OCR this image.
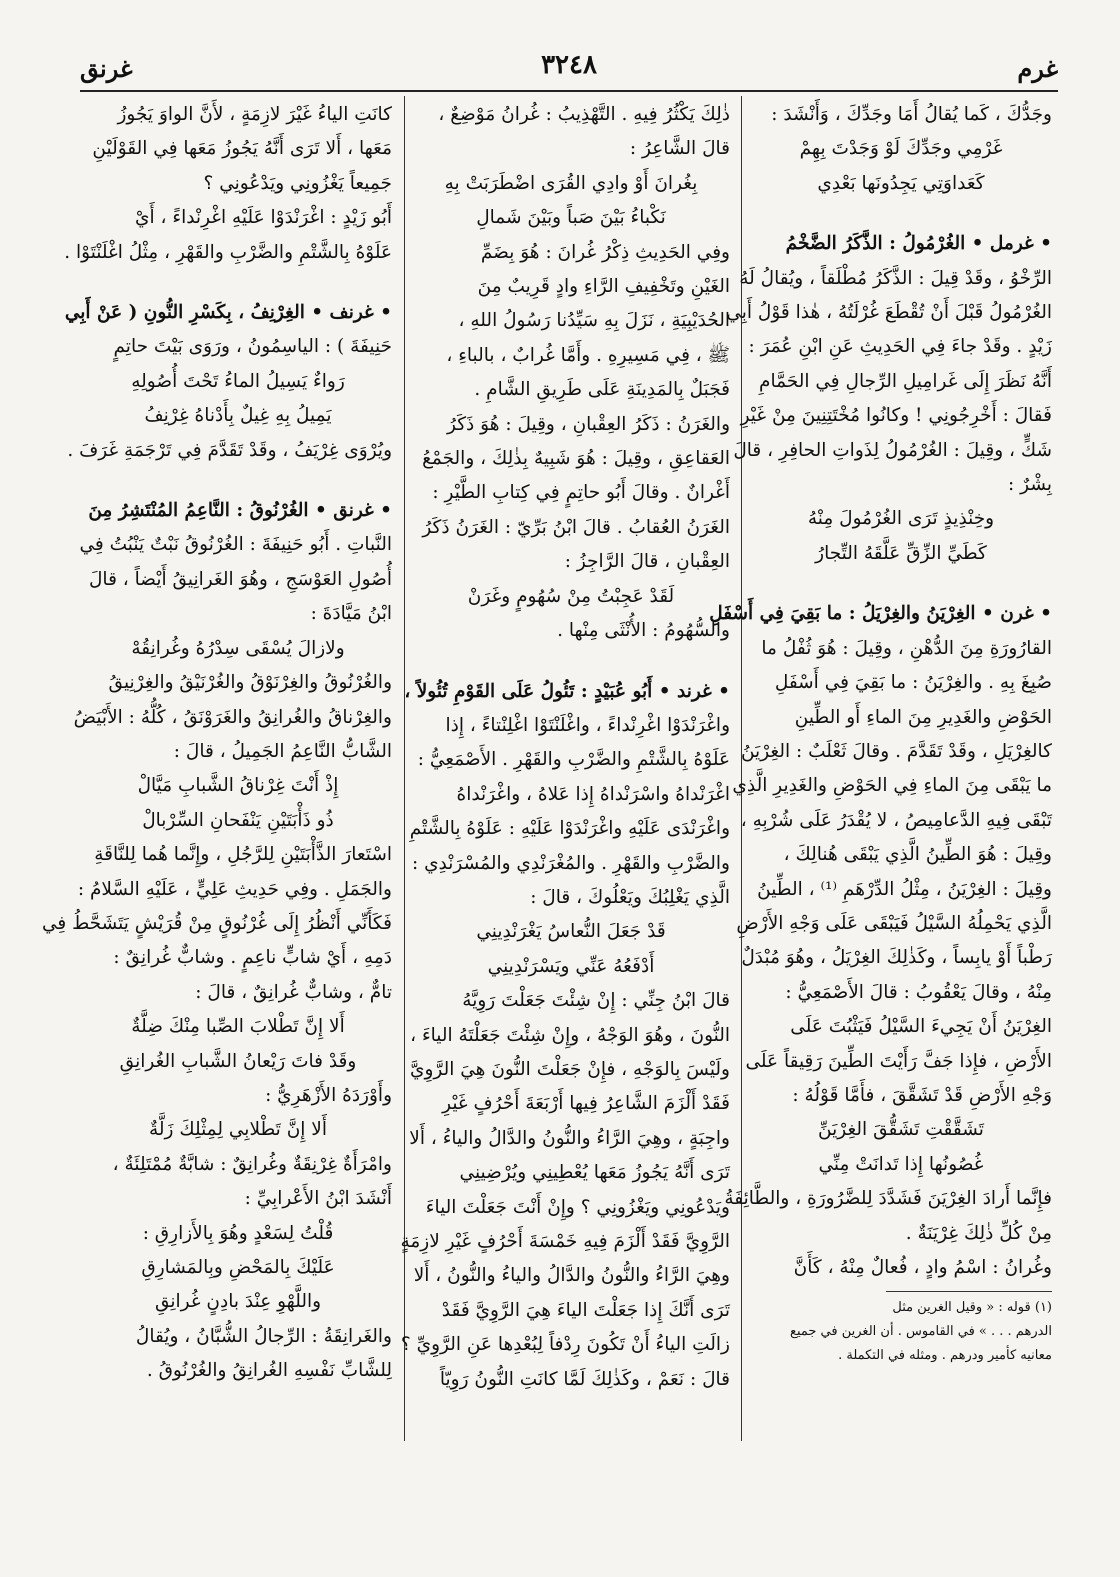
غرم
٣٢٤٨
غرنق
وجَدُّكَ ، كَما يُقالُ أَمَا وجَدِّكَ ، وَأَنْشَدَ :
غَرْمِي وجَدِّكَ لَوْ وَجَدْتَ بِهِمْ
كَعَداوَتِي يَجِدُونَها بَعْدِي
• غرمل • الغُرْمُولُ : الذَّكَرُ الضَّخْمُ
الرِّخْوُ ، وقَدْ قِيلَ : الذَّكَرُ مُطْلَقاً ، ويُقالُ لَهُ
الغُرْمُولُ قَبْلَ أَنْ تُقْطَعَ غُرْلَتُهُ ، هٰذا قَوْلُ أَبِي
زَيْدٍ . وقَدْ جاءَ فِي الحَدِيثِ عَنِ ابْنِ عُمَرَ :
أَنَّهُ نَظَرَ إِلَى غَرامِيلِ الرِّجالِ فِي الحَمَّامِ
فَقالَ : أَخْرِجُونِي ! وكانُوا مُخْتَتِنِينَ مِنْ غَيْرِ
شَكٍّ ، وقِيلَ : الغُرْمُولُ لِذَواتِ الحافِرِ ، قالَ
بِشْرٌ :
وخِنْذِيذٍ تَرَى الغُرْمُولَ مِنْهُ
كَطَيِّ الزِّقِّ عَلَّقَهُ التِّجارُ
• غرن • الغِرْيَنُ والغِرْيَلُ : ما بَقِيَ فِي أَسْفَلِ
القارُورَةِ مِنَ الدُّهْنِ ، وقِيلَ : هُوَ ثُفْلُ ما
صُبِغَ بِهِ . والغِرْيَنُ : ما بَقِيَ فِي أَسْفَلِ
الحَوْضِ والغَدِيرِ مِنَ الماءِ أَو الطِّينِ
كالغِرْيَلِ ، وقَدْ تَقَدَّمَ . وقالَ ثَعْلَبٌ : الغِرْيَنُ
ما يَبْقَى مِنَ الماءِ فِي الحَوْضِ والغَدِيرِ الَّذِي
تَبْقَى فِيهِ الدَّعامِيصُ ، لا يُقْدَرُ عَلَى شُرْبِهِ ،
وقِيلَ : هُوَ الطِّينُ الَّذِي يَبْقَى هُنالِكَ ،
وقِيلَ : الغِرْيَنُ ، مِثْلُ الدِّرْهَمِ ⁽¹⁾ ، الطِّينُ
الَّذِي يَحْمِلُهُ السَّيْلُ فَيَبْقَى عَلَى وَجْهِ الأَرْضِ
رَطْباً أَوْ يابِساً ، وكَذٰلِكَ الغِرْيَلُ ، وهُوَ مُبْدَلٌ
مِنْهُ ، وقالَ يَعْقُوبُ : قالَ الأَصْمَعِيُّ :
الغِرْيَنُ أَنْ يَجِيءَ السَّيْلُ فَيَثْبُتَ عَلَى
الأَرْضِ ، فإِذا جَفَّ رَأَيْتَ الطِّينَ رَقِيقاً عَلَى
وَجْهِ الأَرْضِ قَدْ تَشَقَّقَ ، فأَمَّا قَوْلُهُ :
تَشَقَّقْتِ تَشَقُّقَ الغِرْيَنِّ
غُصُونُها إِذا تَدانَتْ مِنِّي
فإِنَّما أَرادَ الغِرْيَنَ فَشَدَّدَ لِلضَّرُورَةِ ، والطَّائِفَةُ
مِنْ كُلِّ ذٰلِكَ غِرْيَنَةٌ .
وغُرانُ : اسْمُ وادٍ ، فُعالٌ مِنْهُ ، كَأَنَّ
(١) قوله : « وقيل الغرين مثل
الدرهم . . . » في القاموس . أن الغرين في جميع
معانيه كأمير ودرهم . ومثله في التكملة .
ذٰلِكَ يَكْثُرُ فِيهِ . التَّهْذِيبُ : غُرانُ مَوْضِعٌ ،
قالَ الشَّاعِرُ :
بِغُرانَ أَوْ وادِي القُرَى اضْطَرَبَتْ بِهِ
نَكْباءُ بَيْنَ صَباً وبَيْنَ شَمالِ
وفِي الحَدِيثِ ذِكْرُ غُرانَ : هُوَ بِضَمِّ
الغَيْنِ وتَخْفِيفِ الرَّاءِ وادٍ قَرِيبٌ مِنَ
الحُدَيْبِيَةِ ، نَزَلَ بِهِ سَيِّدُنا رَسُولُ اللهِ ،
ﷺ ، فِي مَسِيرِهِ . وأَمَّا غُرابٌ ، بالباءِ ،
فَجَبَلٌ بِالمَدِينَةِ عَلَى طَرِيقِ الشَّامِ .
والغَرَنُ : ذَكَرُ العِقْبانِ ، وقِيلَ : هُوَ ذَكَرُ
العَقاعِقِ ، وقِيلَ : هُوَ شَبِيهٌ بِذٰلِكَ ، والجَمْعُ
أَغْرانٌ . وقالَ أَبُو حاتِمٍ فِي كِتابِ الطَّيْرِ :
الغَرَنُ العُقابُ . قالَ ابْنُ بَرِّيّ : الغَرَنُ ذَكَرُ
العِقْبانِ ، قالَ الرَّاجِزُ :
لَقَدْ عَجِبْتُ مِنْ سُهُومٍ وغَرَنْ
والسُّهُومُ : الأُنْثَى مِنْها .
• غرند • أَبُو عُبَيْدٍ : تَئُولُ عَلَى القَوْمِ تُئُولاً ،
واغْرَنْدَوْا اغْرِنْداءً ، واغْلَنْتَوْا اغْلِنْتاءً ، إِذا
عَلَوْهُ بِالشَّتْمِ والضَّرْبِ والقَهْرِ . الأَصْمَعِيُّ :
اغْرَنْداهُ واسْرَنْداهُ إِذا عَلاهُ ، واغْرَنْداهُ
واغْرَنْدَى عَلَيْهِ واغْرَنْدَوْا عَلَيْهِ : عَلَوْهُ بِالشَّتْمِ
والضَّرْبِ والقَهْرِ . والمُغْرَنْدِي والمُسْرَنْدِي :
الَّذِي يَغْلِبُكَ ويَعْلُوكَ ، قالَ :
قَدْ جَعَلَ النُّعاسُ يَغْرَنْدِينِي
أَدْفَعُهُ عَنِّي ويَسْرَنْدِينِي
قالَ ابْنُ جِنِّي : إِنْ شِئْتَ جَعَلْتَ رَوِيَّهُ
النُّونَ ، وهُوَ الوَجْهُ ، وإِنْ شِئْتَ جَعَلْتَهُ الياءَ ،
ولَيْسَ بِالوَجْهِ ، فإِنْ جَعَلْتَ النُّونَ هِيَ الرَّوِيَّ
فَقَدْ أَلْزَمَ الشَّاعِرُ فِيها أَرْبَعَةَ أَحْرُفٍ غَيْرِ
واجِبَةٍ ، وهِيَ الرَّاءُ والنُّونُ والدَّالُ والياءُ ، أَلا
تَرَى أَنَّهُ يَجُوزُ مَعَها يُعْطِينِي ويُرْضِينِي
ويَدْعُونِي ويَغْزُونِي ؟ وإِنْ أَنْتَ جَعَلْتَ الياءَ
الرَّوِيَّ فَقَدْ أَلْزَمَ فِيهِ خَمْسَةَ أَحْرُفٍ غَيْرِ لازِمَةٍ
وهِيَ الرَّاءُ والنُّونُ والدَّالُ والياءُ والنُّونُ ، أَلا
تَرَى أَنَّكَ إِذا جَعَلْتَ الياءَ هِيَ الرَّوِيَّ فَقَدْ
زالَتِ الياءُ أَنْ تَكُونَ رِدْفاً لِبُعْدِها عَنِ الرَّوِيِّ ؟
قالَ : نَعَمْ ، وكَذٰلِكَ لَمَّا كانَتِ النُّونُ رَوِيّاً
كانَتِ الياءُ غَيْرَ لازِمَةٍ ، لأَنَّ الواوَ يَجُوزُ
مَعَها ، أَلا تَرَى أَنَّهُ يَجُوزُ مَعَها فِي القَوْلَيْنِ
جَمِيعاً يَغْزُونِي ويَدْعُونِي ؟
أَبُو زَيْدٍ : اغْرَنْدَوْا عَلَيْهِ اغْرِنْداءً ، أَيْ
عَلَوْهُ بِالشَّتْمِ والضَّرْبِ والقَهْرِ ، مِثْلُ اغْلَنْتَوْا .
• غرنف • الغِرْنِفُ ، بِكَسْرِ النُّونِ ( عَنْ أَبِي
حَنِيفَةَ ) : الياسِمُونُ ، ورَوَى بَيْتَ حاتِمٍ
رَواءٌ يَسِيلُ الماءُ تَحْتَ أُصُولِهِ
يَمِيلُ بِهِ غِيلٌ بِأَدْناهُ غِرْنِفُ
ويُرْوَى غِرْيَفُ ، وقَدْ تَقَدَّمَ فِي تَرْجَمَةِ غَرَفَ .
• غرنق • الغُرْنُوقُ : النَّاعِمُ المُنْتَشِرُ مِنَ
النَّباتِ . أَبُو حَنِيفَةَ : الغُرْنُوقُ نَبْتٌ يَنْبُتُ فِي
أُصُولِ العَوْسَجِ ، وهُوَ الغَرانِيقُ أَيْضاً ، قالَ
ابْنُ مَيَّادَةَ :
ولازالَ يُسْقَى سِدْرُهُ وغُرانِقُهْ
والغُرْنُوقُ والغِرْنَوْقُ والغُرْنَيْقُ والغِرْنِيقُ
والغِرْناقُ والغُرانِقُ والغَرَوْنَقُ ، كُلُّهُ : الأَبْيَضُ
الشَّابُّ النَّاعِمُ الجَمِيلُ ، قالَ :
إِذْ أَنْتَ غِرْناقُ الشَّبابِ مَيَّالْ
ذُو ذَأْبَتَيْنِ يَنْفَحانِ السِّرْبالْ
اسْتَعارَ الذَّأْبَتَيْنِ لِلرَّجُلِ ، وإِنَّما هُما لِلنَّاقَةِ
والجَمَلِ . وفِي حَدِيثِ عَلِيٍّ ، عَلَيْهِ السَّلامُ :
فَكَأَنِّي أَنْظُرُ إِلَى غُرْنُوقٍ مِنْ قُرَيْشٍ يَتَشَحَّطُ فِي
دَمِهِ ، أَيْ شابٍّ ناعِمٍ . وشابٌّ غُرانِقٌ :
تامٌّ ، وشابٌّ غُرانِقٌ ، قالَ :
أَلا إِنَّ تَطْلابَ الصِّبا مِنْكَ ضِلَّةٌ
وقَدْ فاتَ رَيْعانُ الشَّبابِ الغُرانِقِ
وأَوْرَدَهُ الأَزْهَرِيُّ :
أَلا إِنَّ تَطْلابِي لِمِثْلِكَ زَلَّةٌ
وامْرَأَةٌ غِرْنِقَةٌ وغُرانِقٌ : شابَّةٌ مُمْتَلِئَةٌ ،
أَنْشَدَ ابْنُ الأَعْرابِيِّ :
قُلْتُ لِسَعْدٍ وهُوَ بِالأَزارِقِ :
عَلَيْكَ بِالمَحْضِ وبِالمَشارِقِ
واللَّهْوِ عِنْدَ بادِنٍ غُرانِقِ
والغَرانِقَةُ : الرِّجالُ الشُّبَّانُ ، ويُقالُ
لِلشَّابِّ نَفْسِهِ الغُرانِقُ والغُرْنُوقُ .
